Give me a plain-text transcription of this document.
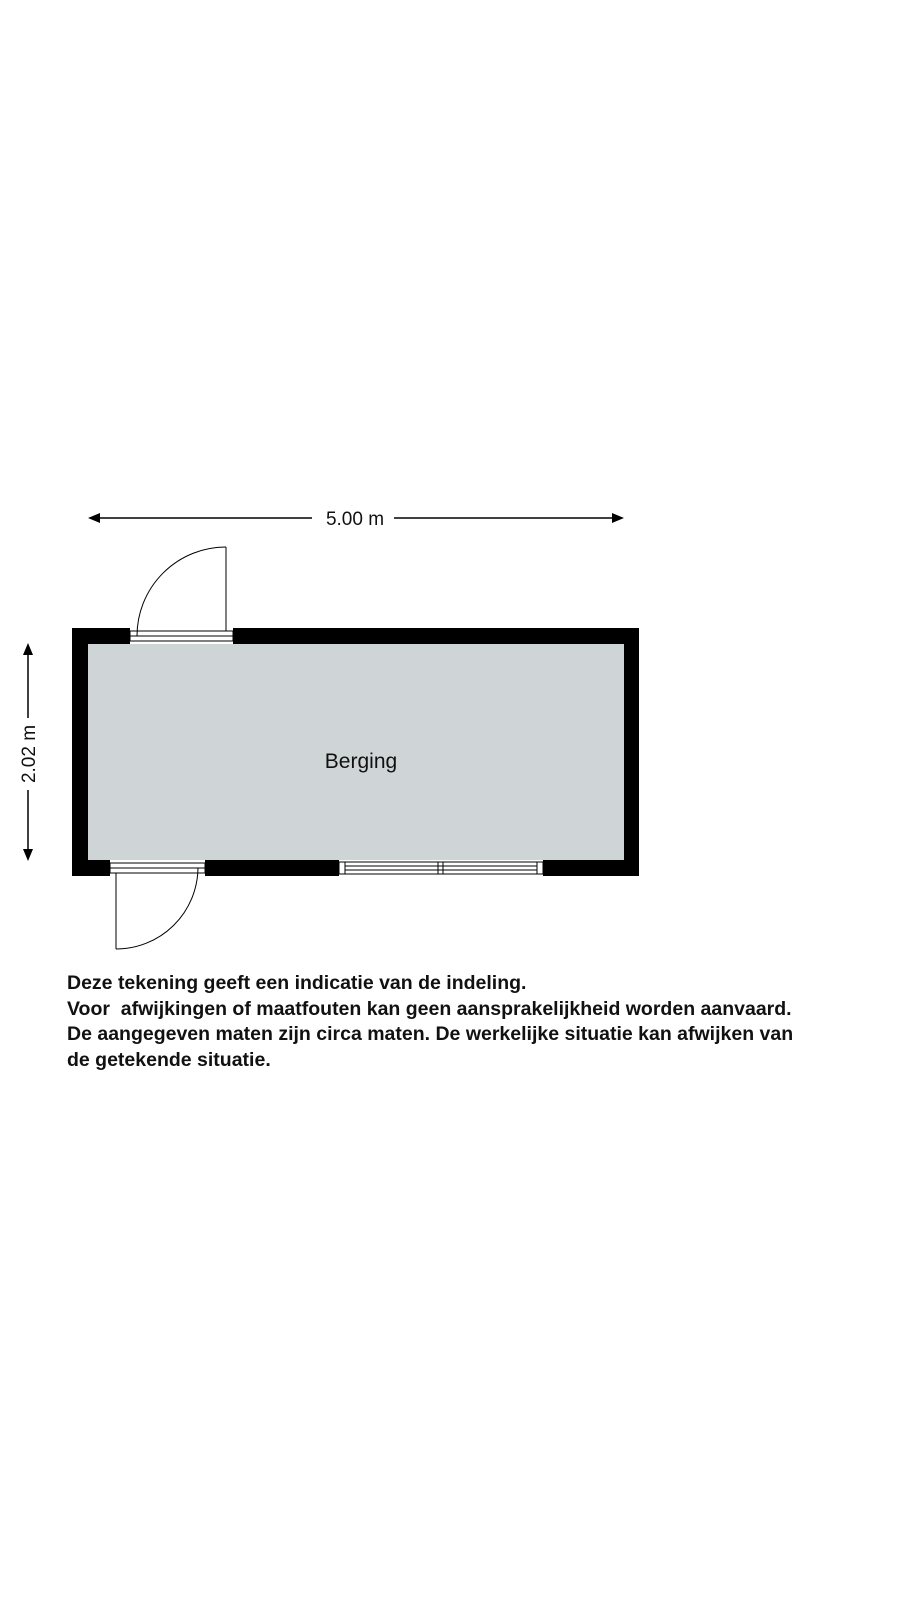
Berging
5.00 m
2.02 m

Deze tekening geeft een indicatie van de indeling.
Voor  afwijkingen of maatfouten kan geen aansprakelijkheid worden aanvaard.
De aangegeven maten zijn circa maten. De werkelijke situatie kan afwijken van
de getekende situatie.
